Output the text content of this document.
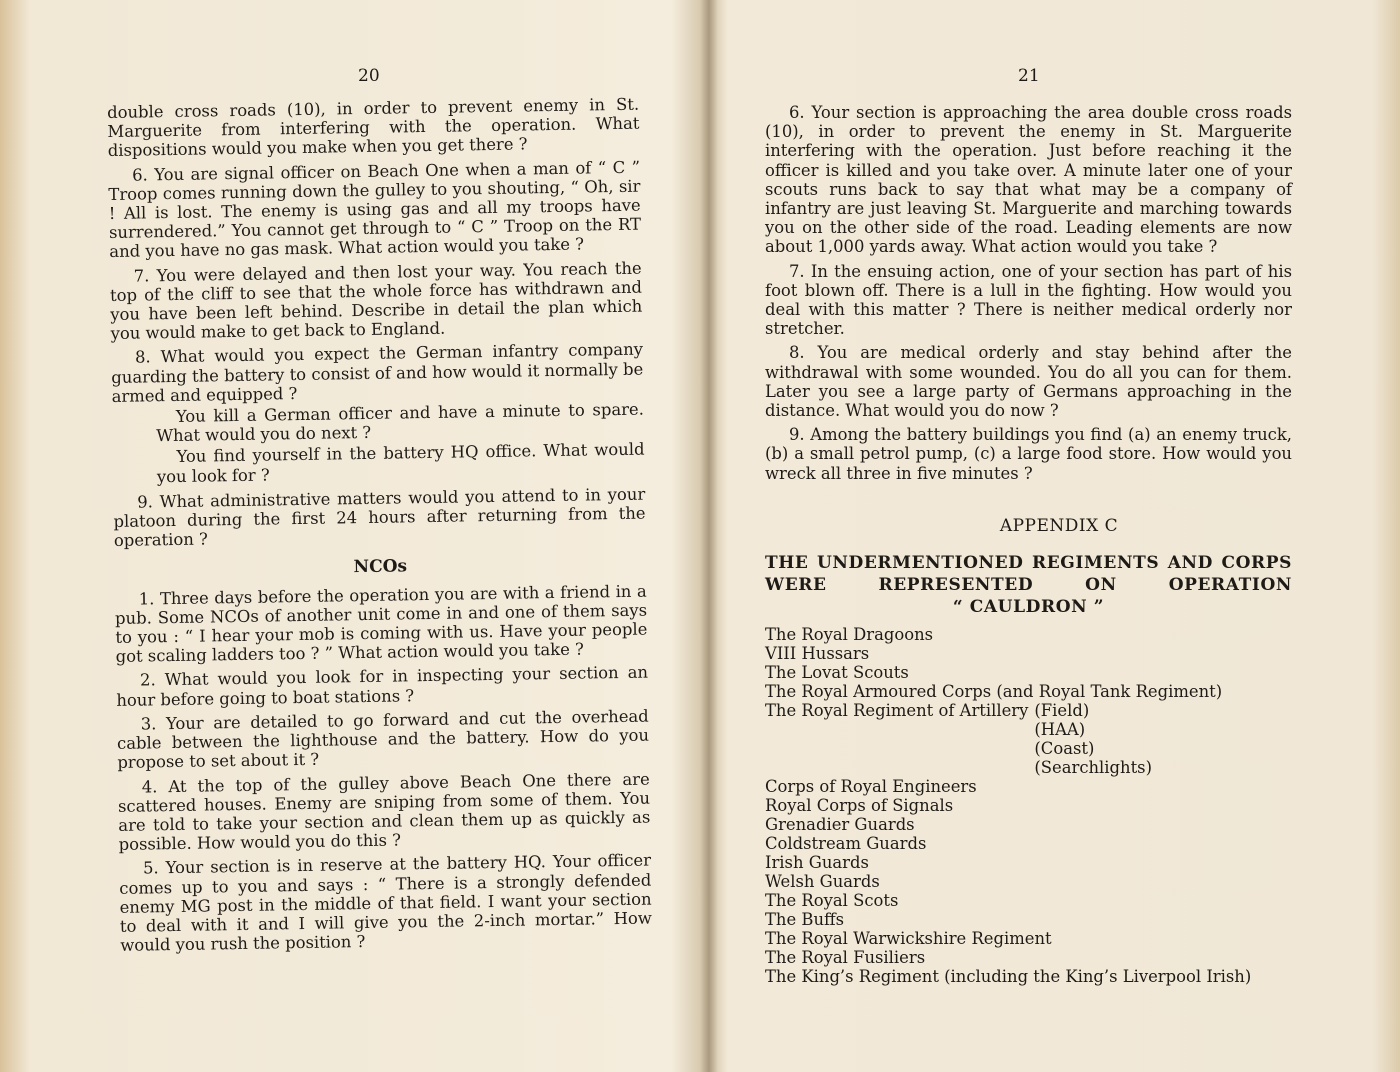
20

double cross roads (10), in order to prevent enemy in St. Marguerite from interfering with the operation. What dispositions would you make when you get there ?

6. You are signal officer on Beach One when a man of “ C ” Troop comes running down the gulley to you shouting, “ Oh, sir ! All is lost. The enemy is using gas and all my troops have surrendered.” You cannot get through to “ C ” Troop on the RT and you have no gas mask. What action would you take ?

7. You were delayed and then lost your way. You reach the top of the cliff to see that the whole force has withdrawn and you have been left behind. Describe in detail the plan which you would make to get back to England.

8. What would you expect the German infantry company guarding the battery to consist of and how would it normally be armed and equipped ?

You kill a German officer and have a minute to spare. What would you do next ?

You find yourself in the battery HQ office. What would you look for ?

9. What administrative matters would you attend to in your platoon during the first 24 hours after returning from the operation ?

NCOs

1. Three days before the operation you are with a friend in a pub. Some NCOs of another unit come in and one of them says to you : “ I hear your mob is coming with us. Have your people got scaling ladders too ? ” What action would you take ?

2. What would you look for in inspecting your section an hour before going to boat stations ?

3. Your are detailed to go forward and cut the overhead cable between the lighthouse and the battery. How do you propose to set about it ?

4. At the top of the gulley above Beach One there are scattered houses. Enemy are sniping from some of them. You are told to take your section and clean them up as quickly as possible. How would you do this ?

5. Your section is in reserve at the battery HQ. Your officer comes up to you and says : “ There is a strongly defended enemy MG post in the middle of that field. I want your section to deal with it and I will give you the 2-inch mortar.” How would you rush the position ?

21

6. Your section is approaching the area double cross roads (10), in order to prevent the enemy in St. Marguerite interfering with the operation. Just before reaching it the officer is killed and you take over. A minute later one of your scouts runs back to say that what may be a company of infantry are just leaving St. Marguerite and marching towards you on the other side of the road. Leading elements are now about 1,000 yards away. What action would you take ?

7. In the ensuing action, one of your section has part of his foot blown off. There is a lull in the fighting. How would you deal with this matter ? There is neither medical orderly nor stretcher.

8. You are medical orderly and stay behind after the withdrawal with some wounded. You do all you can for them. Later you see a large party of Germans approaching in the distance. What would you do now ?

9. Among the battery buildings you find (a) an enemy truck, (b) a small petrol pump, (c) a large food store. How would you wreck all three in five minutes ?

APPENDIX C
THE UNDERMENTIONED REGIMENTS AND CORPS WERE REPRESENTED ON OPERATION
“ CAULDRON ”
The Royal Dragoons
VIII Hussars
The Lovat Scouts
The Royal Armoured Corps (and Royal Tank Regiment)
The Royal Regiment of Artillery (Field)
(HAA)
(Coast)
(Searchlights)
Corps of Royal Engineers
Royal Corps of Signals
Grenadier Guards
Coldstream Guards
Irish Guards
Welsh Guards
The Royal Scots
The Buffs
The Royal Warwickshire Regiment
The Royal Fusiliers
The King’s Regiment (including the King’s Liverpool Irish)
